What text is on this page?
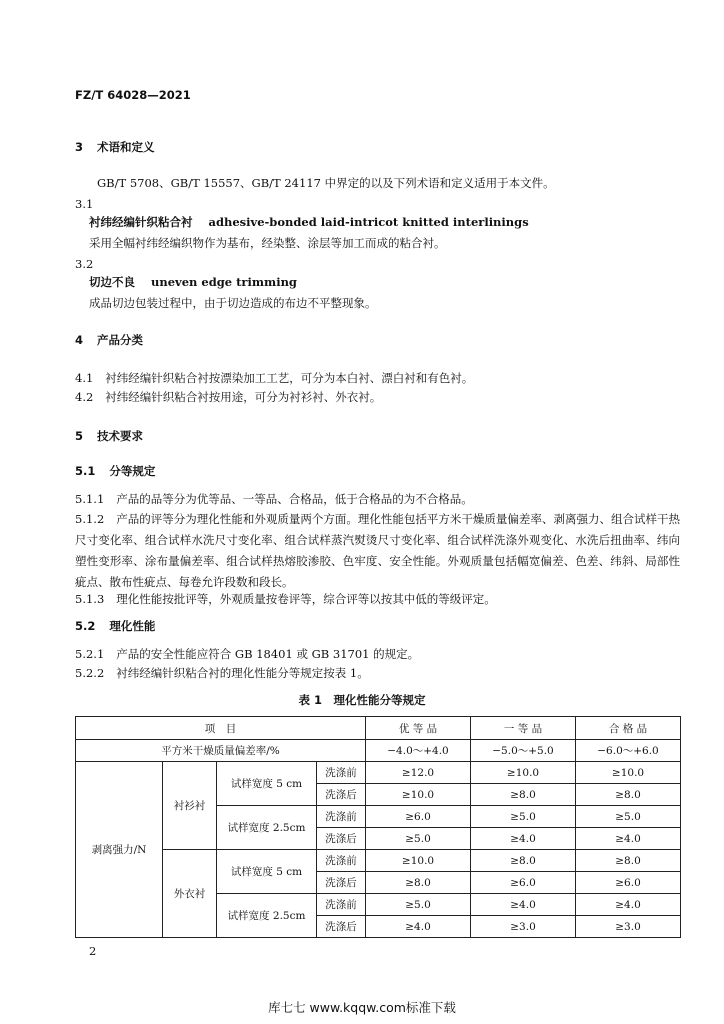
FZ/T 64028—2021
3 术语和定义
GB/T 5708、GB/T 15557、GB/T 24117 中界定的以及下列术语和定义适用于本文件。
3.1
衬纬经编针织粘合衬 adhesive-bonded laid-intricot knitted interlinings
采用全幅衬纬经编织物作为基布，经染整、涂层等加工而成的粘合衬。
3.2
切边不良 uneven edge trimming
成品切边包装过程中，由于切边造成的布边不平整现象。
4 产品分类
4.1 衬纬经编针织粘合衬按漂染加工工艺，可分为本白衬、漂白衬和有色衬。
4.2 衬纬经编针织粘合衬按用途，可分为衬衫衬、外衣衬。
5 技术要求
5.1 分等规定
5.1.1 产品的品等分为优等品、一等品、合格品，低于合格品的为不合格品。
5.1.2 产品的评等分为理化性能和外观质量两个方面。理化性能包括平方米干燥质量偏差率、剥离强力、组合试样干热尺寸变化率、组合试样水洗尺寸变化率、组合试样蒸汽熨烫尺寸变化率、组合试样洗涤外观变化、水洗后扭曲率、纬向塑性变形率、涂布量偏差率、组合试样热熔胶渗胶、色牢度、安全性能。外观质量包括幅宽偏差、色差、纬斜、局部性疵点、散布性疵点、每卷允许段数和段长。
5.1.3 理化性能按批评等，外观质量按卷评等，综合评等以按其中低的等级评定。
5.2 理化性能
5.2.1 产品的安全性能应符合 GB 18401 或 GB 31701 的规定。
5.2.2 衬纬经编针织粘合衬的理化性能分等规定按表 1。
表 1　理化性能分等规定
项　目				优 等 品	一 等 品	合 格 品
平方米干燥质量偏差率/%				−4.0～+4.0	−5.0～+5.0	−6.0～+6.0
剥离强力/N	衬衫衬	试样宽度 5 cm	洗涤前	≥12.0	≥10.0	≥10.0
			洗涤后	≥10.0	≥8.0	≥8.0
		试样宽度 2.5cm	洗涤前	≥6.0	≥5.0	≥5.0
			洗涤后	≥5.0	≥4.0	≥4.0
	外衣衬	试样宽度 5 cm	洗涤前	≥10.0	≥8.0	≥8.0
			洗涤后	≥8.0	≥6.0	≥6.0
		试样宽度 2.5cm	洗涤前	≥5.0	≥4.0	≥4.0
			洗涤后	≥4.0	≥3.0	≥3.0
2
库七七 www.kqqw.com标准下载
